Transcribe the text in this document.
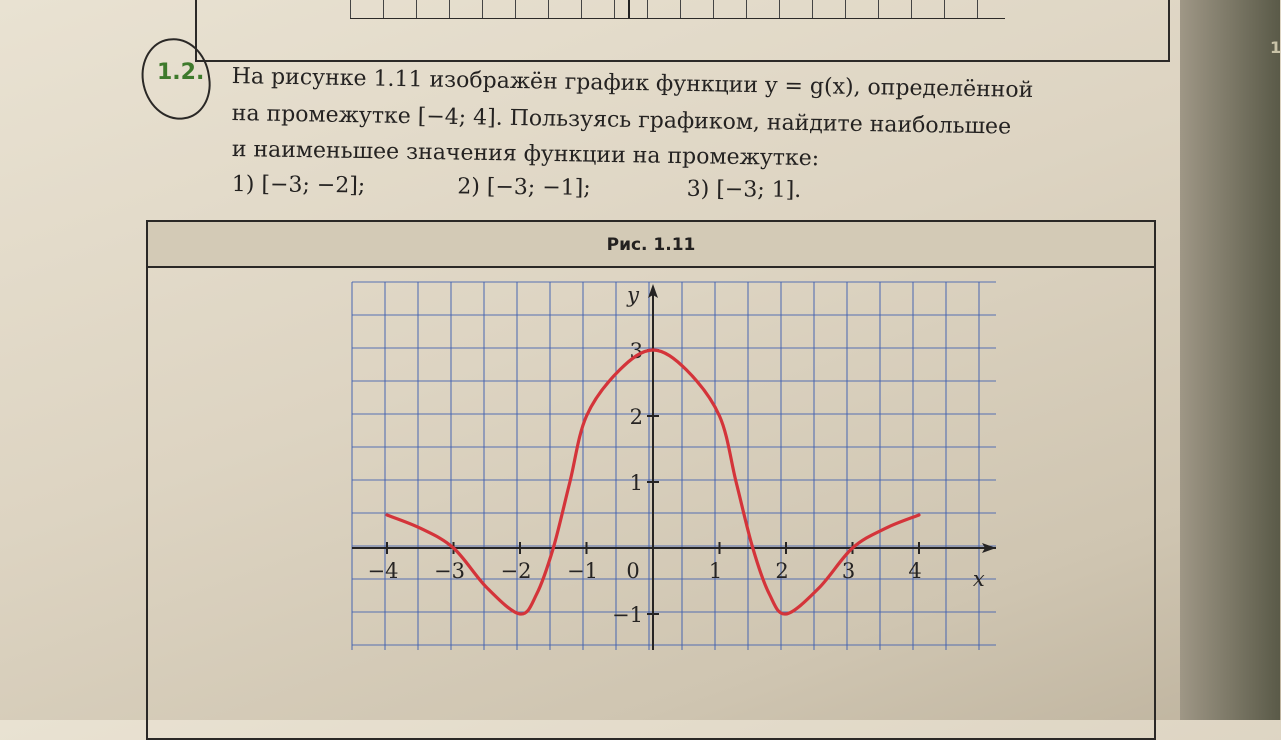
1
1.2. На рисунке 1.11 изображён график функции y = g(x), определённой
на промежутке [−4; 4]. Пользуясь графиком, найдите наибольшее
и наименьшее значения функции на промежутке:
1) [−3; −2];	2) [−3; −1];	3) [−3; 1].
Рис. 1.11
−4 −3 −2 −1	1	2	3	4
−1
1
2
3
0	x
y
